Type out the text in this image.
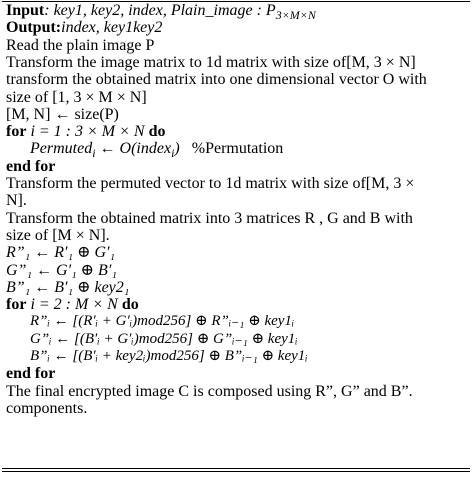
Input: key1, key2, index, Plain_image : $P_{3\times M\times N}$
Output:index, key1key2
Read the plain image P
Transform the image matrix to 1d matrix with size of[M, 3 × N]
transform the obtained matrix into one dimensional vector O with
size of [1, 3 × M × N]
[M, N] ← size(P)
for i = 1 : 3 × M × N do
Permuted$_i$ ← O(index$_i$) %Permutation
end for
Transform the permuted vector to 1d matrix with size of[M, 3 ×
N].
Transform the obtained matrix into 3 matrices R , G and B with
size of [M × N].
R”₁ ← R′₁ ⊕ G′₁
G”₁ ← G′₁ ⊕ B′₁
B”₁ ← B′₁ ⊕ key2₁
for i = 2 : M × N do
R”ᵢ ← [(R′ᵢ + G′ᵢ)mod256] ⊕ R”ᵢ₋₁ ⊕ key1ᵢ
G”ᵢ ← [(B′ᵢ + G′ᵢ)mod256] ⊕ G”ᵢ₋₁ ⊕ key1ᵢ
B”ᵢ ← [(B′ᵢ + key2ᵢ)mod256] ⊕ B”ᵢ₋₁ ⊕ key1ᵢ
end for
The final encrypted image C is composed using R”, G” and B”.
components.
